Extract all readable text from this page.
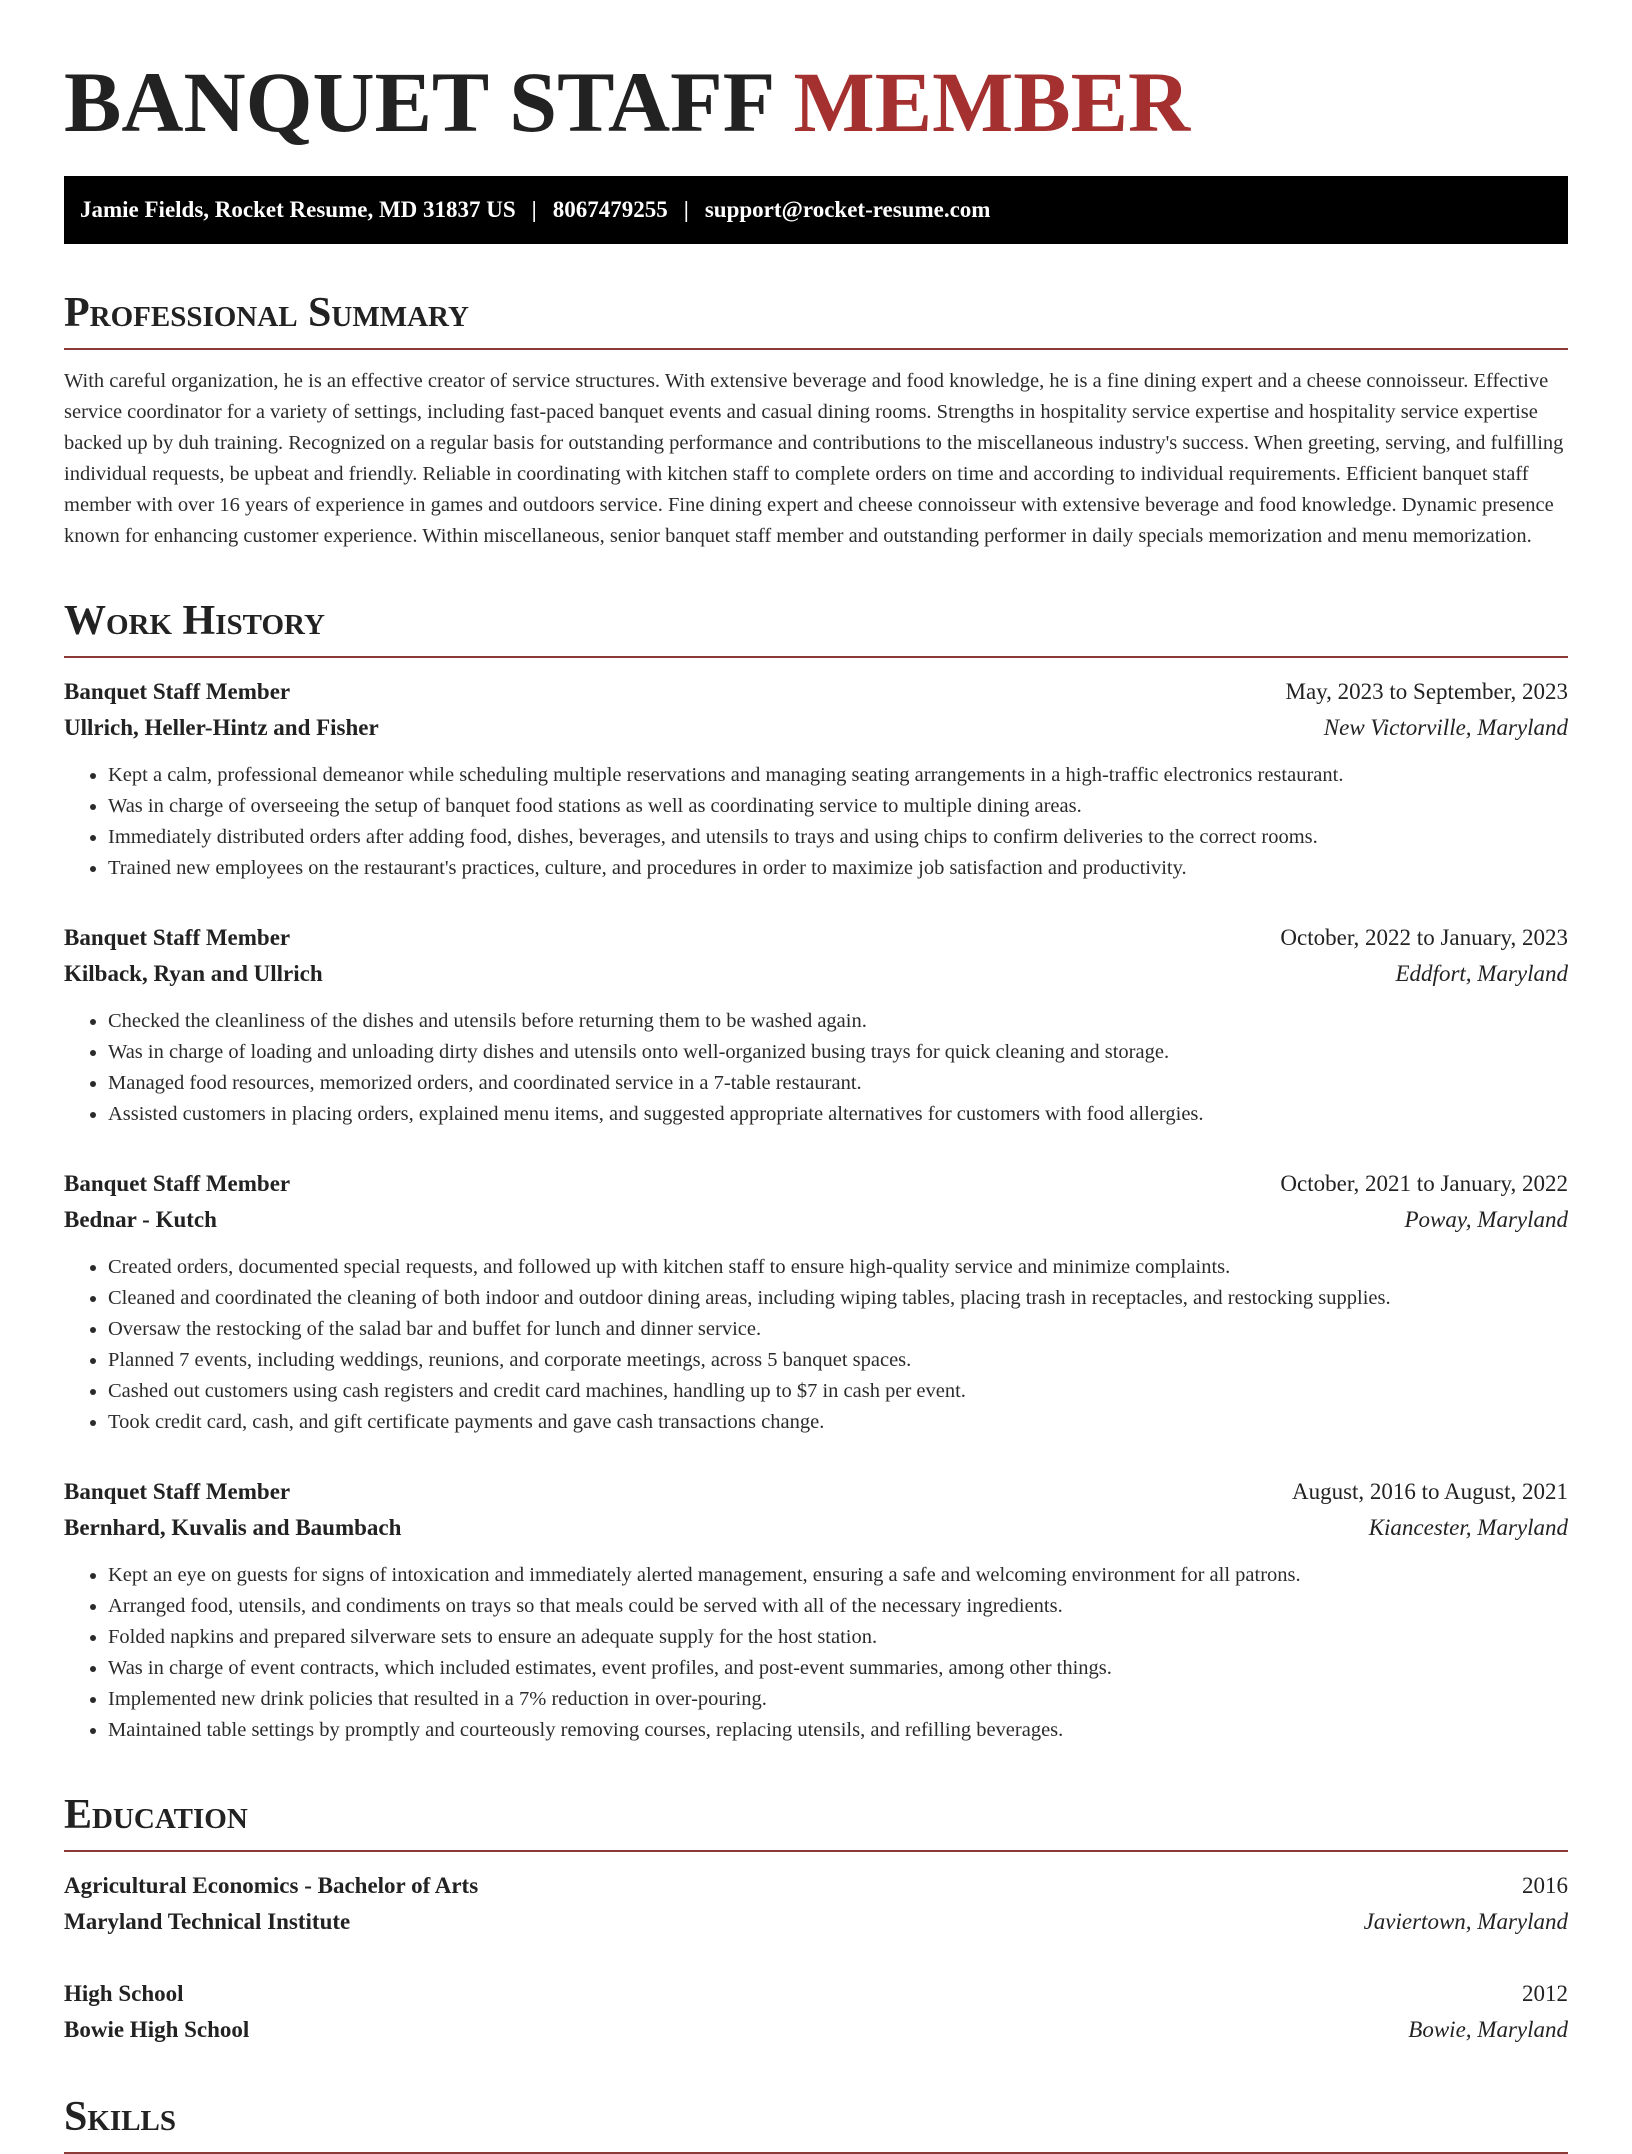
BANQUET STAFF MEMBER
Jamie Fields, Rocket Resume, MD 31837 US | 8067479255 | support@rocket-resume.com
Professional Summary

With careful organization, he is an effective creator of service structures. With extensive beverage and food knowledge, he is a fine dining expert and a cheese connoisseur. Effective service coordinator for a variety of settings, including fast-paced banquet events and casual dining rooms. Strengths in hospitality service expertise and hospitality service expertise backed up by duh training. Recognized on a regular basis for outstanding performance and contributions to the miscellaneous industry's success. When greeting, serving, and fulfilling individual requests, be upbeat and friendly. Reliable in coordinating with kitchen staff to complete orders on time and according to individual requirements. Efficient banquet staff member with over 16 years of experience in games and outdoors service. Fine dining expert and cheese connoisseur with extensive beverage and food knowledge. Dynamic presence known for enhancing customer experience. Within miscellaneous, senior banquet staff member and outstanding performer in daily specials memorization and menu memorization.

Work History
Banquet Staff Member	May, 2023 to September, 2023
Ullrich, Heller-Hintz and Fisher	New Victorville, Maryland
• Kept a calm, professional demeanor while scheduling multiple reservations and managing seating arrangements in a high-traffic electronics restaurant.
• Was in charge of overseeing the setup of banquet food stations as well as coordinating service to multiple dining areas.
• Immediately distributed orders after adding food, dishes, beverages, and utensils to trays and using chips to confirm deliveries to the correct rooms.
• Trained new employees on the restaurant's practices, culture, and procedures in order to maximize job satisfaction and productivity.
Banquet Staff Member	October, 2022 to January, 2023
Kilback, Ryan and Ullrich	Eddfort, Maryland
• Checked the cleanliness of the dishes and utensils before returning them to be washed again.
• Was in charge of loading and unloading dirty dishes and utensils onto well-organized busing trays for quick cleaning and storage.
• Managed food resources, memorized orders, and coordinated service in a 7-table restaurant.
• Assisted customers in placing orders, explained menu items, and suggested appropriate alternatives for customers with food allergies.
Banquet Staff Member	October, 2021 to January, 2022
Bednar - Kutch	Poway, Maryland
• Created orders, documented special requests, and followed up with kitchen staff to ensure high-quality service and minimize complaints.
• Cleaned and coordinated the cleaning of both indoor and outdoor dining areas, including wiping tables, placing trash in receptacles, and restocking supplies.
• Oversaw the restocking of the salad bar and buffet for lunch and dinner service.
• Planned 7 events, including weddings, reunions, and corporate meetings, across 5 banquet spaces.
• Cashed out customers using cash registers and credit card machines, handling up to $7 in cash per event.
• Took credit card, cash, and gift certificate payments and gave cash transactions change.
Banquet Staff Member	August, 2016 to August, 2021
Bernhard, Kuvalis and Baumbach	Kiancester, Maryland
• Kept an eye on guests for signs of intoxication and immediately alerted management, ensuring a safe and welcoming environment for all patrons.
• Arranged food, utensils, and condiments on trays so that meals could be served with all of the necessary ingredients.
• Folded napkins and prepared silverware sets to ensure an adequate supply for the host station.
• Was in charge of event contracts, which included estimates, event profiles, and post-event summaries, among other things.
• Implemented new drink policies that resulted in a 7% reduction in over-pouring.
• Maintained table settings by promptly and courteously removing courses, replacing utensils, and refilling beverages.
Education
Agricultural Economics - Bachelor of Arts	2016
Maryland Technical Institute	Javiertown, Maryland
High School	2012
Bowie High School	Bowie, Maryland
Skills
